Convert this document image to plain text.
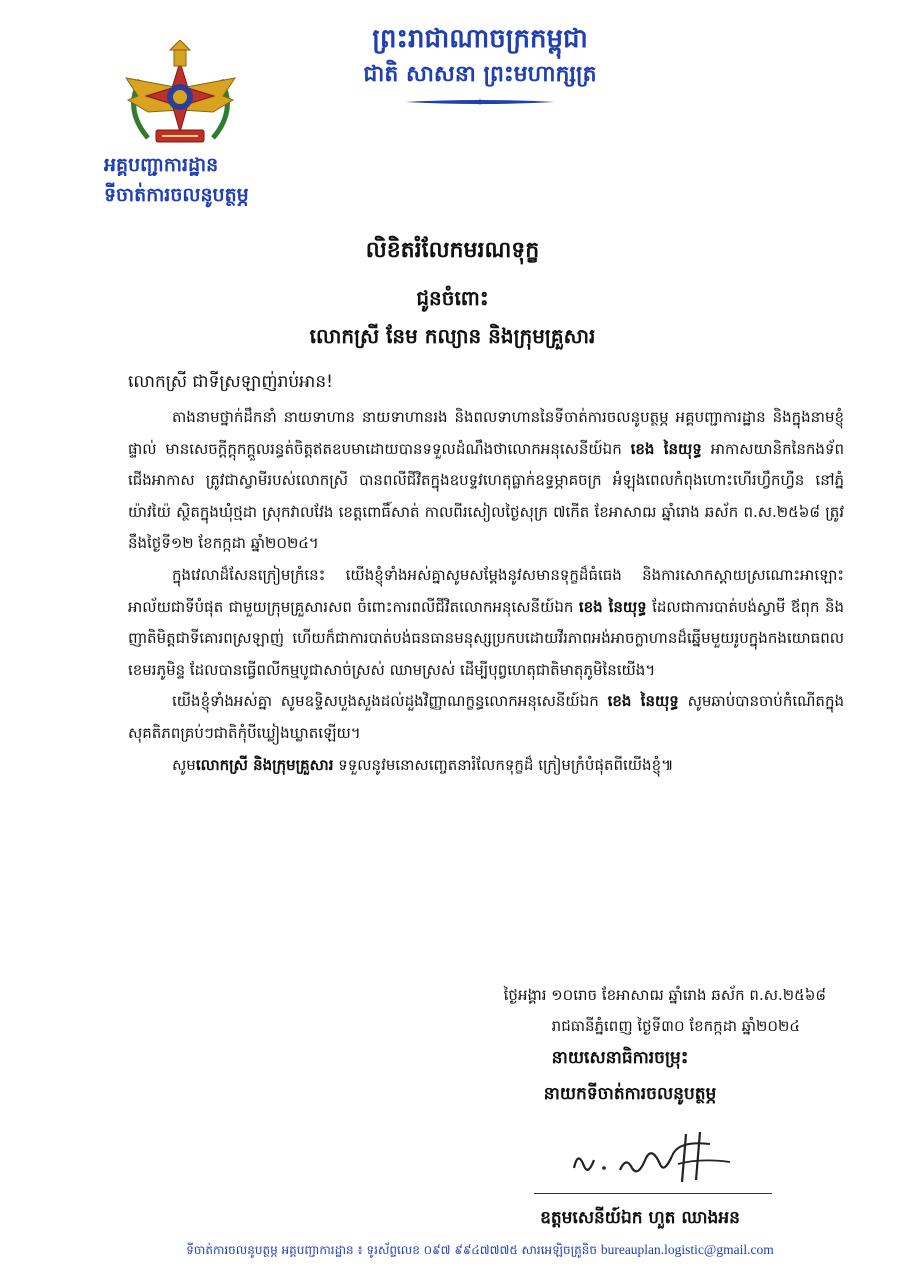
ព្រះរាជាណាចក្រកម្ពុជា
ជាតិ សាសនា ព្រះមហាក្សត្រ
អគ្គបញ្ជាការដ្ឋាន
ទីចាត់ការចលនូបត្ថម្ភ
លិខិតរំលែកមរណទុក្ខ
ជូនចំពោះ
លោកស្រី នែម កល្យាន និងក្រុមគ្រួសារ
លោកស្រី ជាទីស្រឡាញ់រាប់អាន!

តាងនាមថ្នាក់ដឹកនាំ នាយទាហាន នាយទាហានរង និងពលទាហាននៃទីចាត់ការចលនូបត្ថម្ភ អគ្គបញ្ជាការដ្ឋាន និងក្នុងនាមខ្ញុំផ្ទាល់ មានសេចក្តីក្តុកក្តួលរន្ធត់ចិត្តឥតឧបមាដោយបានទទួលដំណឹងថាលោកអនុសេនីយ៍ឯក ខេង នៃយុទ្ធ អាកាសយានិកនៃកងទ័ពជើងអាកាស ត្រូវជាស្វាមីរបស់លោកស្រី បានពលីជីវិតក្នុងឧបទ្ទវហេតុធ្លាក់ឧទ្ធម្ភាគចក្រ អំឡុងពេលកំពុងហោះហើរហ្វឹកហ្វឺន នៅភ្នំយ៉ាវយ៉ៃ ស្ថិតក្នុងឃុំថ្មដា ស្រុកវាលវែង ខេត្តពោធិ៍សាត់ កាលពីរសៀលថ្ងៃសុក្រ ៧កើត ខែអាសាឍ ឆ្នាំរោង ឆស័ក ព.ស.២៥៦៨ ត្រូវនឹងថ្ងៃទី១២ ខែកក្កដា ឆ្នាំ២០២៤។

ក្នុងវេលាដ៏សែនក្រៀមក្រំនេះ យើងខ្ញុំទាំងអស់គ្នាសូមសម្តែងនូវសមានទុក្ខដ៏ធំធេង និងការសោកស្តាយស្រណោះអាឡោះអាល័យជាទីបំផុត ជាមួយក្រុមគ្រួសារសព ចំពោះការពលីជីវិតលោកអនុសេនីយ៍ឯក ខេង នៃយុទ្ធ ដែលជាការបាត់បង់ស្វាមី ឪពុក និងញាតិមិត្តជាទីគោរពស្រឡាញ់ ហើយក៏ជាការបាត់បង់ធនធានមនុស្សប្រកបដោយវីរភាពអង់អាចក្លាហានដ៏ឆ្នើមមួយរូបក្នុងកងយោធពលខេមរភូមិន្ទ ដែលបានធ្វើពលីកម្មបូជាសាច់ស្រស់ ឈាមស្រស់ ដើម្បីបុព្វហេតុជាតិមាតុភូមិនៃយើង។

យើងខ្ញុំទាំងអស់គ្នា សូមឧទ្ទិសបួងសួងដល់ដួងវិញ្ញាណក្ខន្ធលោកអនុសេនីយ៍ឯក ខេង នៃយុទ្ធ សូមឆាប់បានចាប់កំណើតក្នុងសុគតិភពគ្រប់ៗជាតិកុំបីឃ្លៀងឃ្លាតឡើយ។

សូមលោកស្រី និងក្រុមគ្រួសារ ទទួលនូវមនោសញ្ចេតនារំលែកទុក្ខដ៏ ក្រៀមក្រំបំផុតពីយើងខ្ញុំ៕

ថ្ងៃអង្គារ ១០រោច ខែអាសាឍ ឆ្នាំរោង ឆស័ក ព.ស.២៥៦៨
រាជធានីភ្នំពេញ ថ្ងៃទី៣០ ខែកក្កដា ឆ្នាំ២០២៤
នាយសេនាធិការចម្រុះ
នាយកទីចាត់ការចលនូបត្ថម្ភ
ឧត្តមសេនីយ៍ឯក ហួត ឈាងអន
ទីចាត់ការចលនូបត្ថម្ភ អគ្គបញ្ជាការដ្ឋាន ៖ ទូរស័ព្ទលេខ ០៩៧ ៩៩៤៧៧៧៥ សារអេឡិចត្រូនិច bureauplan.logistic@gmail.com
